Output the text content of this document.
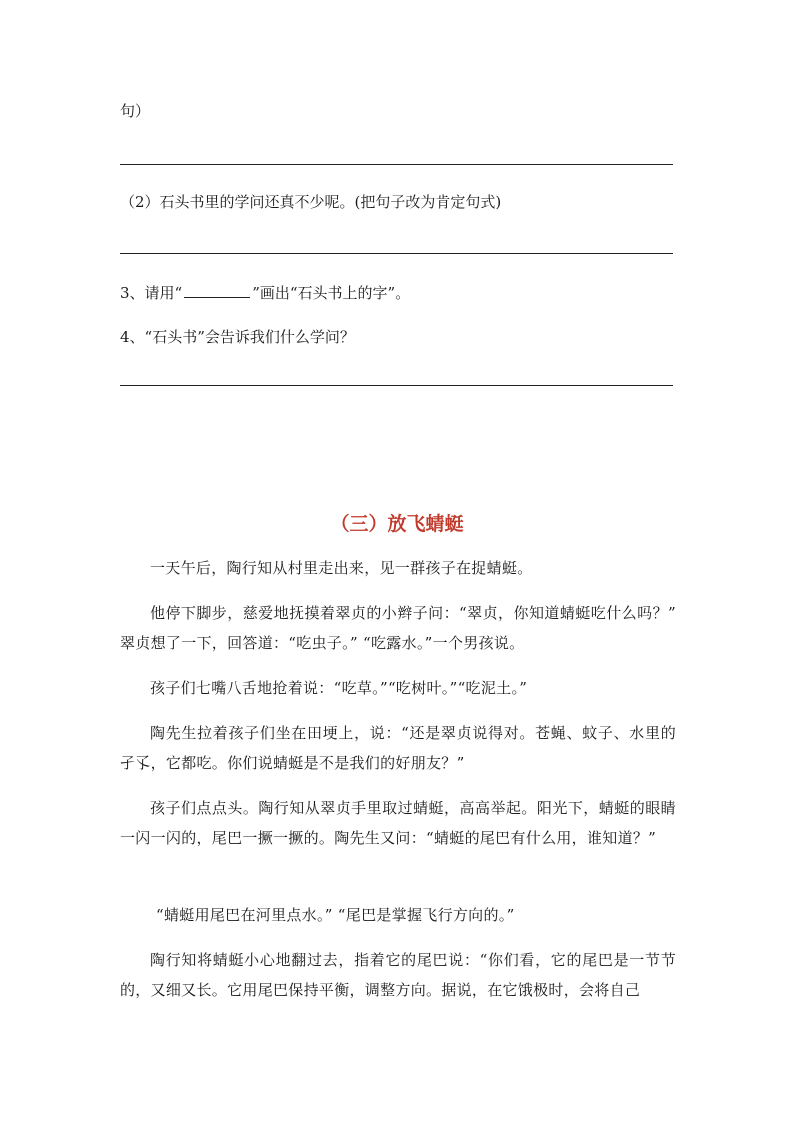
句）
（2）石头书里的学问还真不少呢。(把句子改为肯定句式)
3、请用“	”画出“石头书上的字”。
4、“石头书”会告诉我们什么学问？
（三）放飞蜻蜓
一天午后，陶行知从村里走出来，见一群孩子在捉蜻蜓。
他停下脚步，慈爱地抚摸着翠贞的小辫子问：“翠贞，你知道蜻蜓吃什么吗？” 翠贞想了一下，回答道：“吃虫子。” “吃露水。”一个男孩说。
孩子们七嘴八舌地抢着说：“吃草。”“吃树叶。”“吃泥土。”
陶先生拉着孩子们坐在田埂上，说：“还是翠贞说得对。苍蝇、蚊子、水里的孑孓，它都吃。你们说蜻蜓是不是我们的好朋友？”
孩子们点点头。陶行知从翠贞手里取过蜻蜓，高高举起。阳光下，蜻蜓的眼睛一闪一闪的，尾巴一撅一撅的。陶先生又问：“蜻蜓的尾巴有什么用，谁知道？”
“蜻蜓用尾巴在河里点水。” “尾巴是掌握飞行方向的。”
陶行知将蜻蜓小心地翻过去，指着它的尾巴说：“你们看，它的尾巴是一节节的，又细又长。它用尾巴保持平衡，调整方向。据说，在它饿极时，会将自己
